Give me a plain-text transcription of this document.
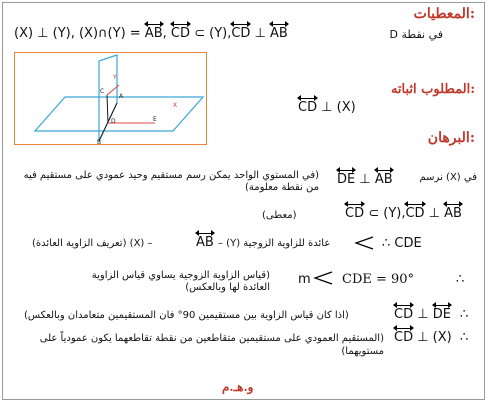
المعطيات:
(X) ⊥ (Y), (X)∩(Y) = AB
, CD
⊂ (Y),CD
⊥ AB	في نقطة D
Y
C
A
X
D	E
B
المطلوب اثباته:
CD
⊥ (X)
البرهان:
في (X) نرسم
DE
⊥ AB
(في المستوي الواحد يمكن رسم مستقيم وحيد عمودي على مستقيم فيه من نقطة معلومة)
CD
⊂ (Y),CD
⊥ AB
(معطى)
∴ CDE
عائدة للزاوية الزوجية (Y) –
AB
– (X) (تعريف الزاوية العائدة)
m CDE = 90°	∴
(قياس الزاوية الزوجية يساوي قياس الزاوية العائدة لها وبالعكس)
CD
⊥ DE ∴
(اذا كان قياس الزاوية بين مستقيمين 90° فان المستقيمين متعامدان وبالعكس)
CD
⊥ (X) ∴
(المستقيم العمودي على مستقيمين متقاطعين من نقطة تقاطعهما يكون عمودياً على مستويهما)
و.هـ.م
